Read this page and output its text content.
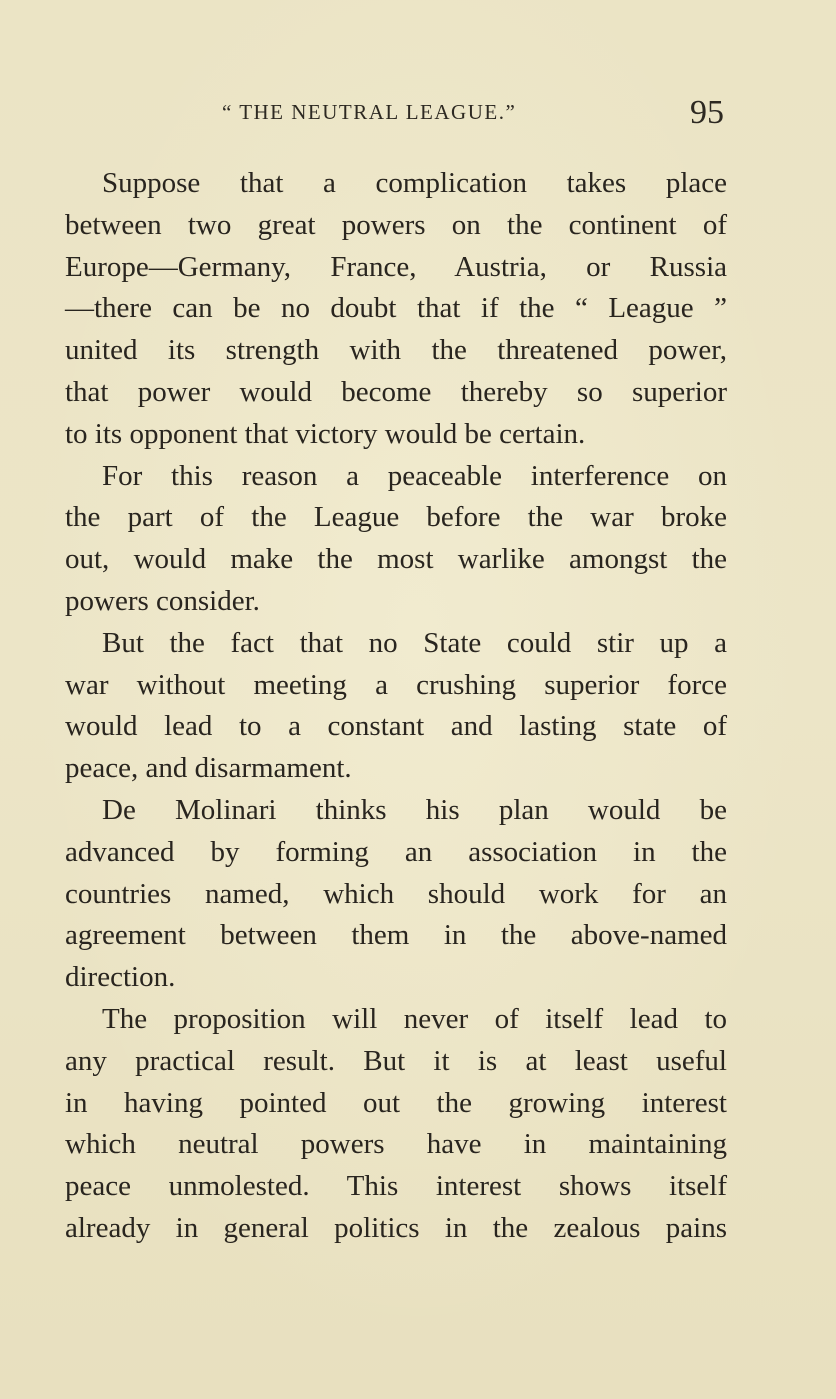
“ THE NEUTRAL LEAGUE.”	95
Suppose that a complication takes place
between two great powers on the continent of
Europe—Germany, France, Austria, or Russia
—there can be no doubt that if the “ League ”
united its strength with the threatened power,
that power would become thereby so superior
to its opponent that victory would be certain.
For this reason a peaceable interference on
the part of the League before the war broke
out, would make the most warlike amongst the
powers consider.
But the fact that no State could stir up a
war without meeting a crushing superior force
would lead to a constant and lasting state of
peace, and disarmament.
De Molinari thinks his plan would be
advanced by forming an association in the
countries named, which should work for an
agreement between them in the above-named
direction.
The proposition will never of itself lead to
any practical result. But it is at least useful
in having pointed out the growing interest
which neutral powers have in maintaining
peace unmolested. This interest shows itself
already in general politics in the zealous pains
